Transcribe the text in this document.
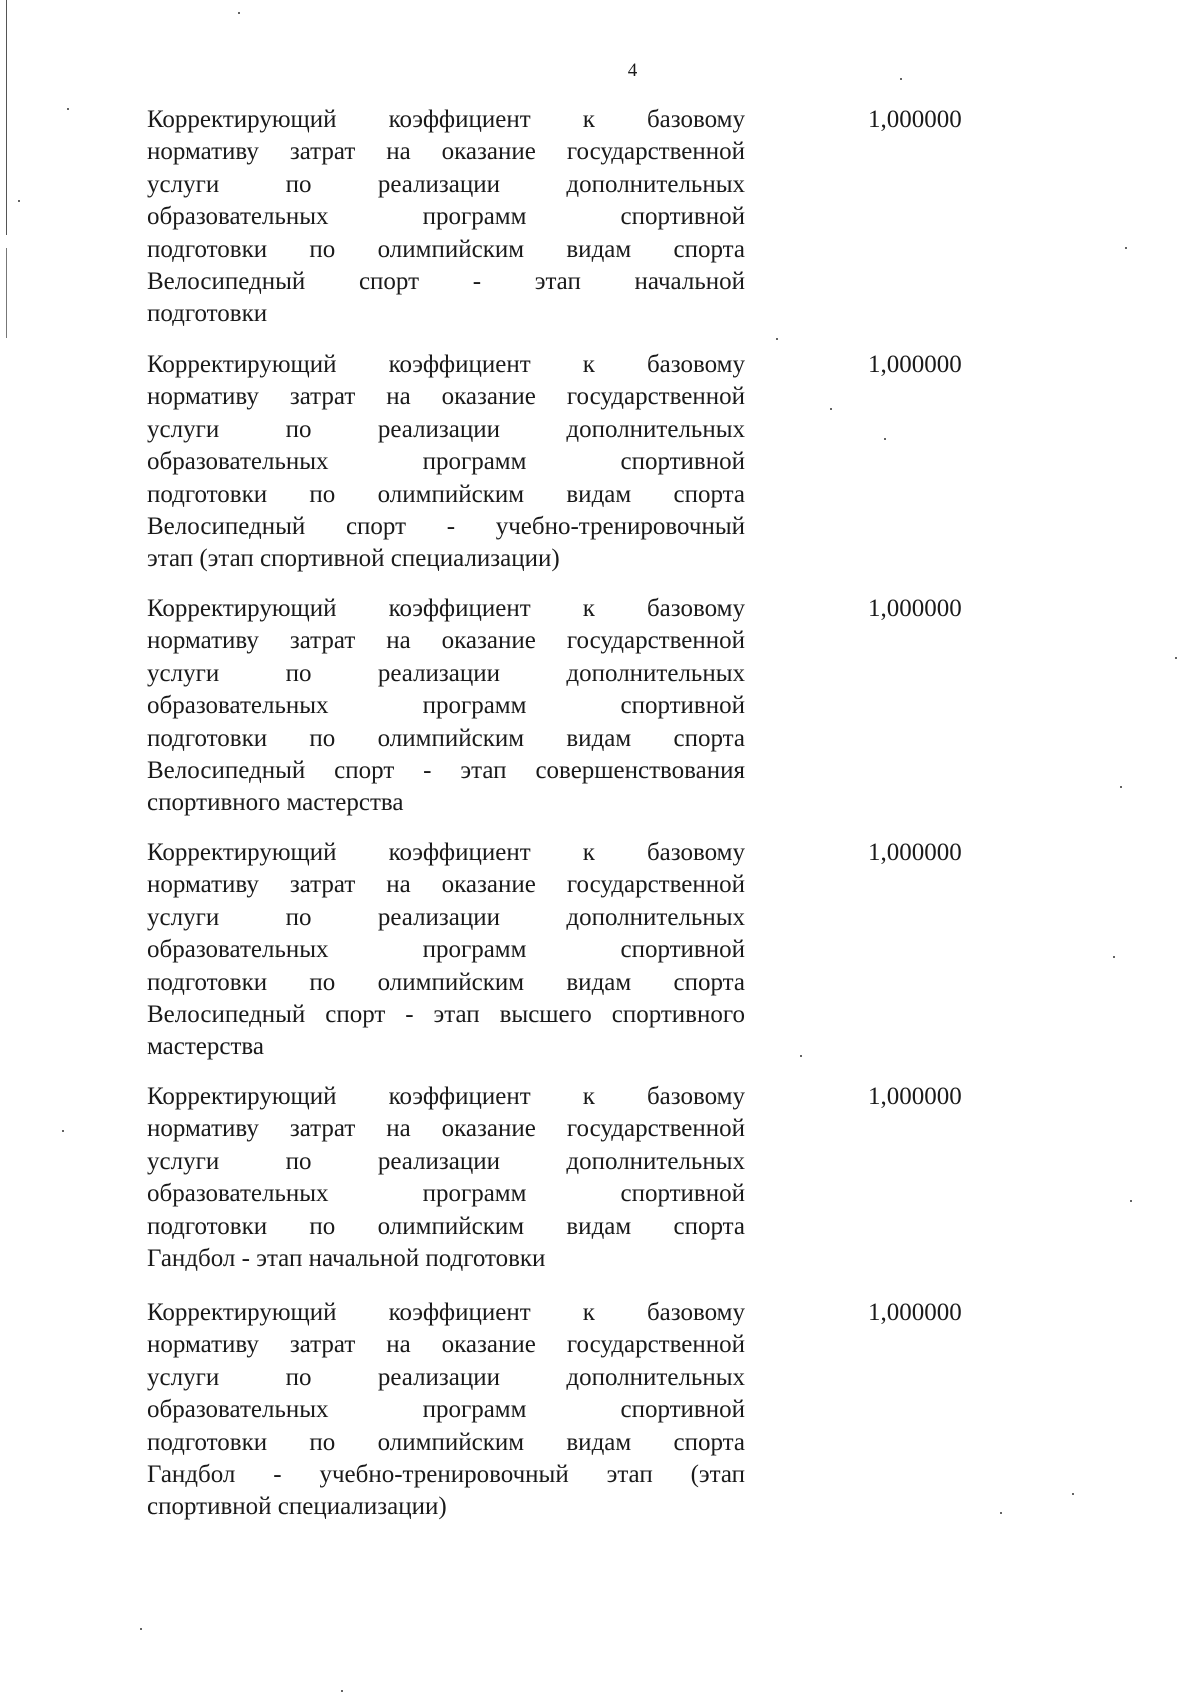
4
Корректирующий коэффициент к базовому
нормативу затрат на оказание государственной
услуги по реализации дополнительных
образовательных программ спортивной
подготовки по олимпийским видам спорта
Велосипедный спорт - этап начальной
подготовки
1,000000
Корректирующий коэффициент к базовому
нормативу затрат на оказание государственной
услуги по реализации дополнительных
образовательных программ спортивной
подготовки по олимпийским видам спорта
Велосипедный спорт - учебно-тренировочный
этап (этап спортивной специализации)
1,000000
Корректирующий коэффициент к базовому
нормативу затрат на оказание государственной
услуги по реализации дополнительных
образовательных программ спортивной
подготовки по олимпийским видам спорта
Велосипедный спорт - этап совершенствования
спортивного мастерства
1,000000
Корректирующий коэффициент к базовому
нормативу затрат на оказание государственной
услуги по реализации дополнительных
образовательных программ спортивной
подготовки по олимпийским видам спорта
Велосипедный спорт - этап высшего спортивного
мастерства
1,000000
Корректирующий коэффициент к базовому
нормативу затрат на оказание государственной
услуги по реализации дополнительных
образовательных программ спортивной
подготовки по олимпийским видам спорта
Гандбол - этап начальной подготовки
1,000000
Корректирующий коэффициент к базовому
нормативу затрат на оказание государственной
услуги по реализации дополнительных
образовательных программ спортивной
подготовки по олимпийским видам спорта
Гандбол - учебно-тренировочный этап (этап
спортивной специализации)
1,000000
